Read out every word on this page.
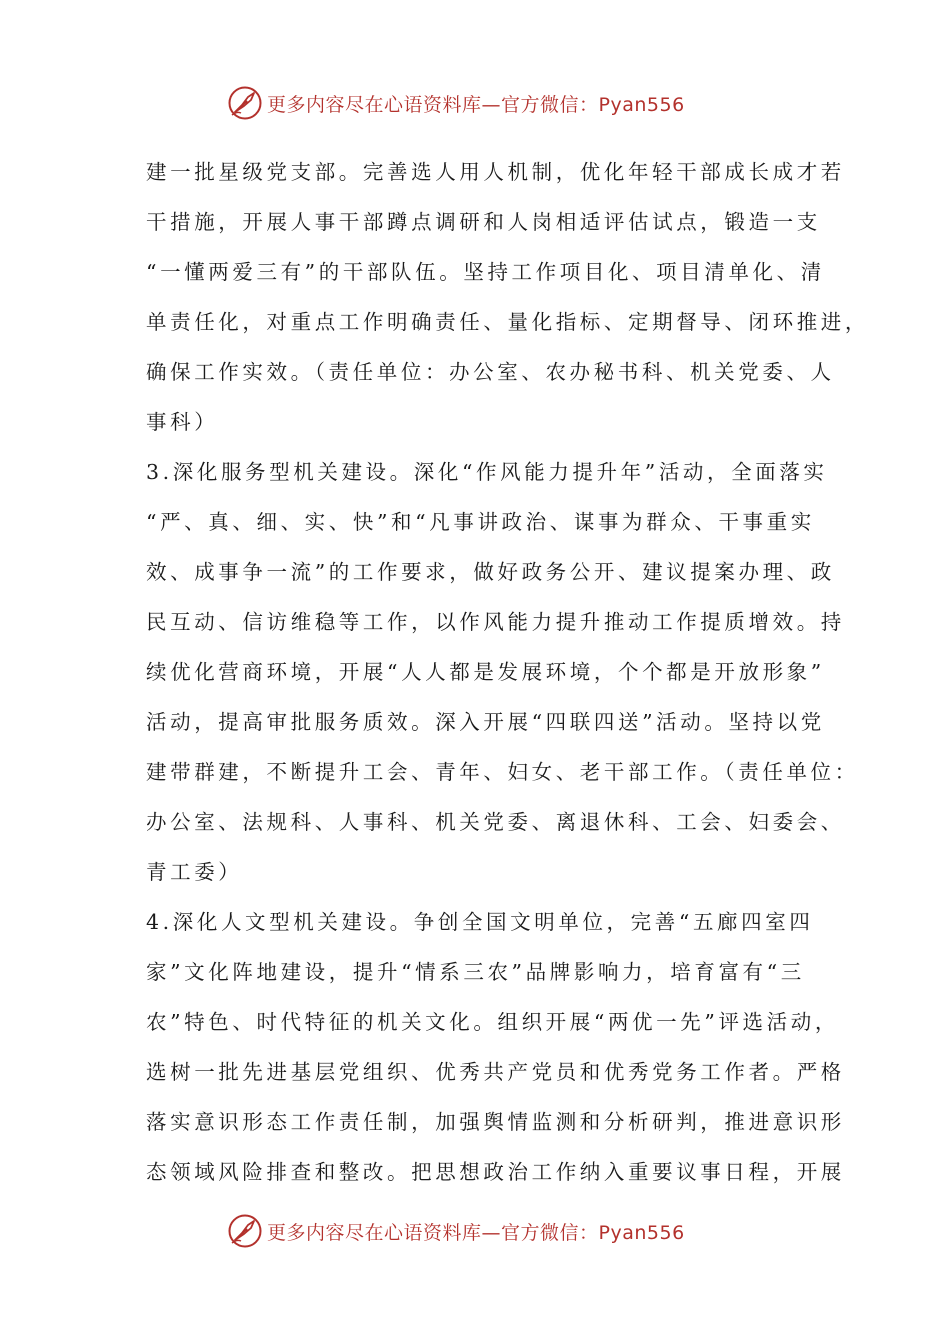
更多内容尽在心语资料库—官方微信：Pyan556
建一批星级党支部。完善选人用人机制，优化年轻干部成长成才若
干措施，开展人事干部蹲点调研和人岗相适评估试点，锻造一支
“一懂两爱三有”的干部队伍。坚持工作项目化、项目清单化、清
单责任化，对重点工作明确责任、量化指标、定期督导、闭环推进，
确保工作实效。（责任单位：办公室、农办秘书科、机关党委、人
事科）
3.深化服务型机关建设。深化“作风能力提升年”活动，全面落实
“严、真、细、实、快”和“凡事讲政治、谋事为群众、干事重实
效、成事争一流”的工作要求，做好政务公开、建议提案办理、政
民互动、信访维稳等工作，以作风能力提升推动工作提质增效。持
续优化营商环境，开展“人人都是发展环境，个个都是开放形象”
活动，提高审批服务质效。深入开展“四联四送”活动。坚持以党
建带群建，不断提升工会、青年、妇女、老干部工作。（责任单位：
办公室、法规科、人事科、机关党委、离退休科、工会、妇委会、
青工委）
4.深化人文型机关建设。争创全国文明单位，完善“五廊四室四
家”文化阵地建设，提升“情系三农”品牌影响力，培育富有“三
农”特色、时代特征的机关文化。组织开展“两优一先”评选活动，
选树一批先进基层党组织、优秀共产党员和优秀党务工作者。严格
落实意识形态工作责任制，加强舆情监测和分析研判，推进意识形
态领域风险排查和整改。把思想政治工作纳入重要议事日程，开展
更多内容尽在心语资料库—官方微信：Pyan556
